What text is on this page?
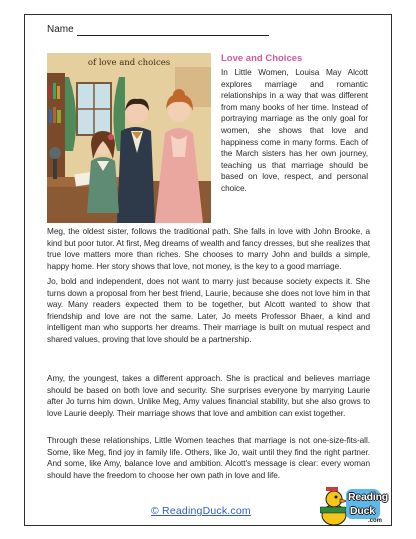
Name
of love and choices	Love and Choices

In Little Women, Louisa May Alcott explores marriage and romantic relationships in a way that was different from many books of her time. Instead of portraying marriage as the only goal for women, she shows that love and happiness come in many forms. Each of the March sisters has her own journey, teaching us that marriage should be based on love, respect, and personal choice.

Meg, the oldest sister, follows the traditional path. She falls in love with John Brooke, a kind but poor tutor. At first, Meg dreams of wealth and fancy dresses, but she realizes that true love matters more than riches. She chooses to marry John and builds a simple, happy home. Her story shows that love, not money, is the key to a good marriage.

Jo, bold and independent, does not want to marry just because society expects it. She turns down a proposal from her best friend, Laurie, because she does not love him in that way. Many readers expected them to be together, but Alcott wanted to show that friendship and love are not the same. Later, Jo meets Professor Bhaer, a kind and intelligent man who supports her dreams. Their marriage is built on mutual respect and shared values, proving that love should be a partnership.

Amy, the youngest, takes a different approach. She is practical and believes marriage should be based on both love and security. She surprises everyone by marrying Laurie after Jo turns him down. Unlike Meg, Amy values financial stability, but she also grows to love Laurie deeply. Their marriage shows that love and ambition can exist together.

Through these relationships, Little Women teaches that marriage is not one-size-fits-all. Some, like Meg, find joy in family life. Others, like Jo, wait until they find the right partner. And some, like Amy, balance love and ambition. Alcott's message is clear: every woman should have the freedom to choose her own path in love and life.

© ReadingDuck.com
Reading
Duck
.com
